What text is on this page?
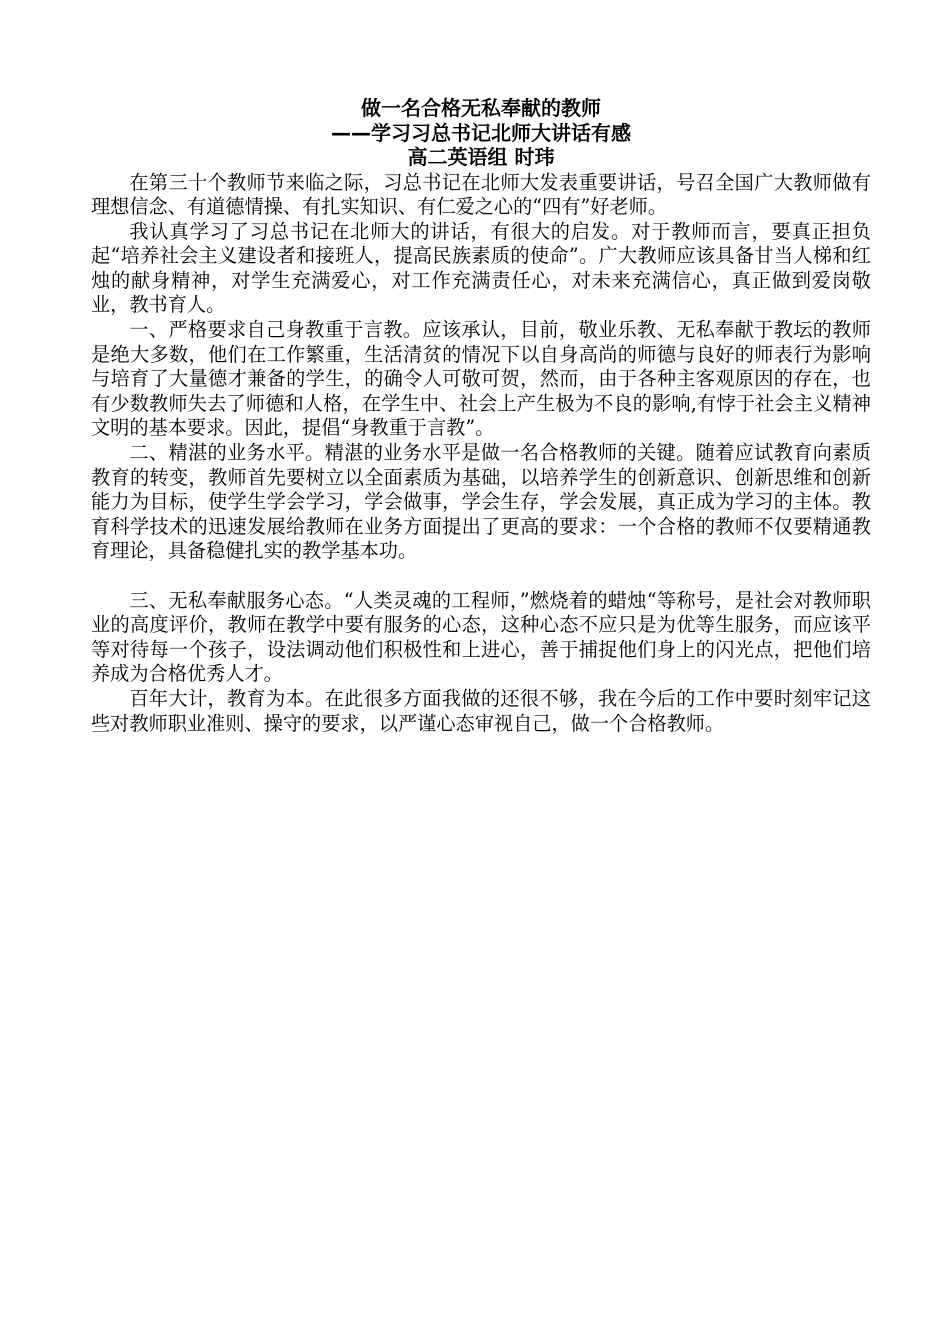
做一名合格无私奉献的教师
——学习习总书记北师大讲话有感
高二英语组 时玮

在第三十个教师节来临之际，习总书记在北师大发表重要讲话，号召全国广大教师做有理想信念、有道德情操、有扎实知识、有仁爱之心的“四有”好老师。

我认真学习了习总书记在北师大的讲话，有很大的启发。对于教师而言，要真正担负起“培养社会主义建设者和接班人，提高民族素质的使命”。广大教师应该具备甘当人梯和红烛的献身精神，对学生充满爱心，对工作充满责任心，对未来充满信心，真正做到爱岗敬业，教书育人。

一、严格要求自己身教重于言教。应该承认，目前，敬业乐教、无私奉献于教坛的教师是绝大多数，他们在工作繁重，生活清贫的情况下以自身高尚的师德与良好的师表行为影响与培育了大量德才兼备的学生，的确令人可敬可贺，然而，由于各种主客观原因的存在，也有少数教师失去了师德和人格，在学生中、社会上产生极为不良的影响,有悖于社会主义精神文明的基本要求。因此，提倡“身教重于言教”。

二、精湛的业务水平。精湛的业务水平是做一名合格教师的关键。随着应试教育向素质教育的转变，教师首先要树立以全面素质为基础，以培养学生的创新意识、创新思维和创新能力为目标，使学生学会学习，学会做事，学会生存，学会发展，真正成为学习的主体。教育科学技术的迅速发展给教师在业务方面提出了更高的要求：一个合格的教师不仅要精通教育理论，具备稳健扎实的教学基本功。

三、无私奉献服务心态。“人类灵魂的工程师，”燃烧着的蜡烛“等称号，是社会对教师职业的高度评价，教师在教学中要有服务的心态，这种心态不应只是为优等生服务，而应该平等对待每一个孩子，设法调动他们积极性和上进心，善于捕捉他们身上的闪光点，把他们培养成为合格优秀人才。

百年大计，教育为本。在此很多方面我做的还很不够，我在今后的工作中要时刻牢记这些对教师职业准则、操守的要求，以严谨心态审视自己，做一个合格教师。
